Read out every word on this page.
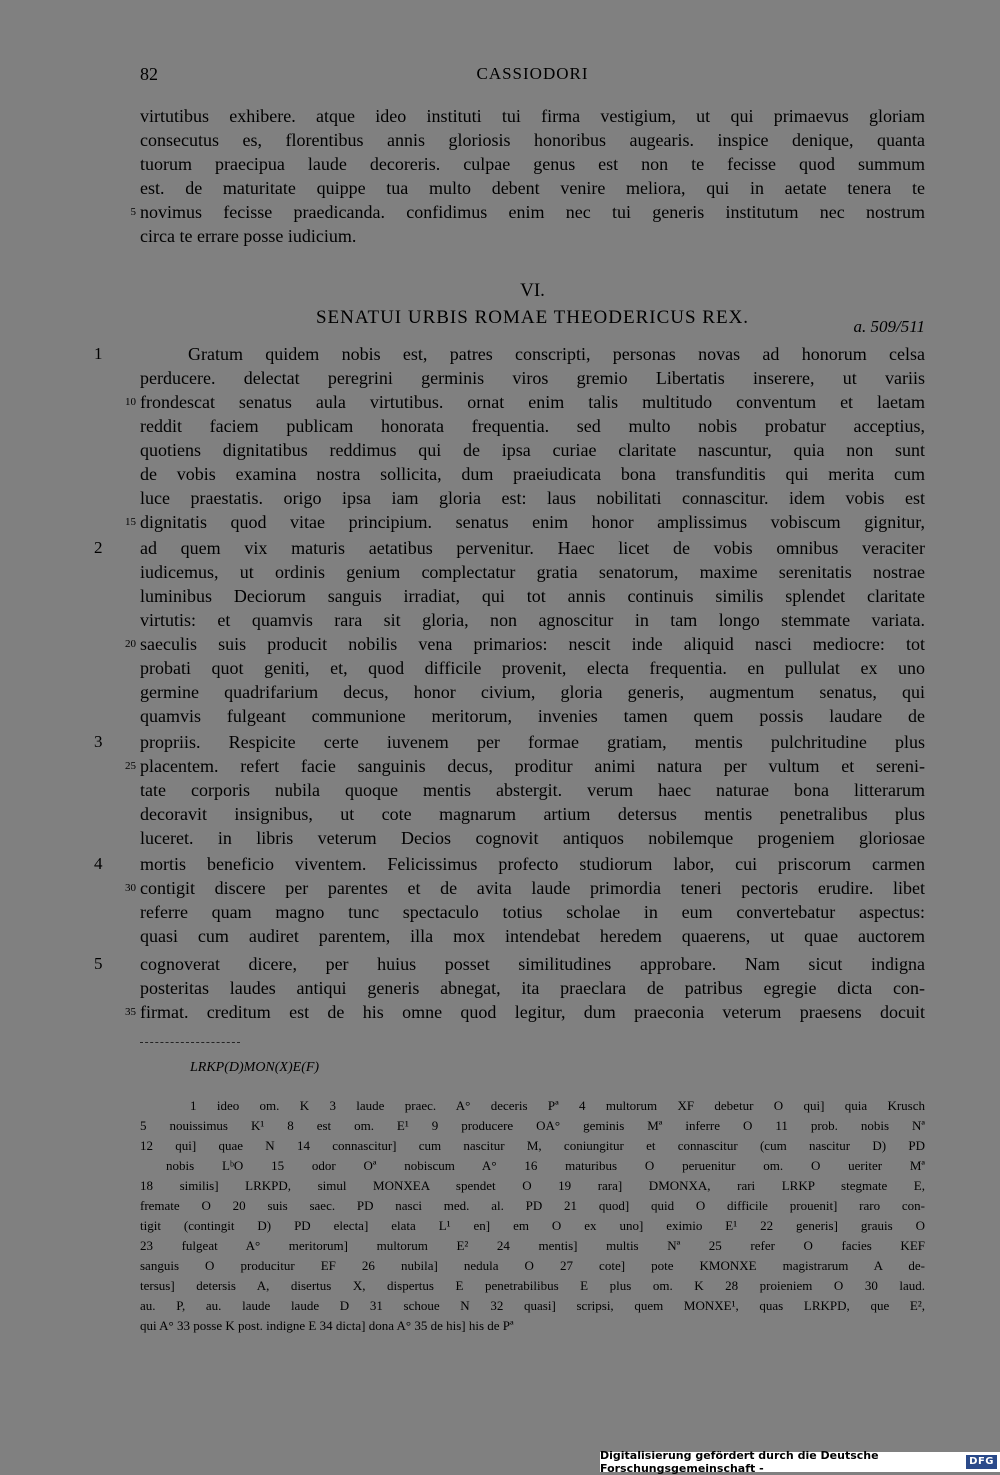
82	CASSIODORI
virtutibus exhibere. atque ideo instituti tui firma vestigium, ut qui primaevus gloriam
consecutus es, florentibus annis gloriosis honoribus augearis. inspice denique, quanta
tuorum praecipua laude decoreris. culpae genus est non te fecisse quod summum
est. de maturitate quippe tua multo debent venire meliora, qui in aetate tenera te
5 novimus fecisse praedicanda. confidimus enim nec tui generis institutum nec nostrum
circa te errare posse iudicium.
VI.
SENATUI URBIS ROMAE THEODERICUS REX.	a. 509/511
1	Gratum quidem nobis est, patres conscripti, personas novas ad honorum celsa
perducere. delectat peregrini germinis viros gremio Libertatis inserere, ut variis
10 frondescat senatus aula virtutibus. ornat enim talis multitudo conventum et laetam
reddit faciem publicam honorata frequentia. sed multo nobis probatur acceptius,
quotiens dignitatibus reddimus qui de ipsa curiae claritate nascuntur, quia non sunt
de vobis examina nostra sollicita, dum praeiudicata bona transfunditis qui merita cum
luce praestatis. origo ipsa iam gloria est: laus nobilitati connascitur. idem vobis est
15 dignitatis quod vitae principium. senatus enim honor amplissimus vobiscum gignitur,
2	ad quem vix maturis aetatibus pervenitur. Haec licet de vobis omnibus veraciter
iudicemus, ut ordinis genium complectatur gratia senatorum, maxime serenitatis nostrae
luminibus Deciorum sanguis irradiat, qui tot annis continuis similis splendet claritate
virtutis: et quamvis rara sit gloria, non agnoscitur in tam longo stemmate variata.
20 saeculis suis producit nobilis vena primarios: nescit inde aliquid nasci mediocre: tot
probati quot geniti, et, quod difficile provenit, electa frequentia. en pullulat ex uno
germine quadrifarium decus, honor civium, gloria generis, augmentum senatus, qui
quamvis fulgeant communione meritorum, invenies tamen quem possis laudare de
3	propriis. Respicite certe iuvenem per formae gratiam, mentis pulchritudine plus
25 placentem. refert facie sanguinis decus, proditur animi natura per vultum et sereni-
tate corporis nubila quoque mentis abstergit. verum haec naturae bona litterarum
decoravit insignibus, ut cote magnarum artium detersus mentis penetralibus plus
luceret. in libris veterum Decios cognovit antiquos nobilemque progeniem gloriosae
4	mortis beneficio viventem. Felicissimus profecto studiorum labor, cui priscorum carmen
30 contigit discere per parentes et de avita laude primordia teneri pectoris erudire. libet
referre quam magno tunc spectaculo totius scholae in eum convertebatur aspectus:
quasi cum audiret parentem, illa mox intendebat heredem quaerens, ut quae auctorem
5	cognoverat dicere, per huius posset similitudines approbare. Nam sicut indigna
posteritas laudes antiqui generis abnegat, ita praeclara de patribus egregie dicta con-
35 firmat. creditum est de his omne quod legitur, dum praeconia veterum praesens docuit
LRKP(D)MON(X)E(F)
1 ideo om. K 3 laude praec. A° deceris Pª 4 multorum XF debetur O qui] quia Krusch
5 nouissimus K¹ 8 est om. E¹ 9 producere OA° geminis Mª inferre O 11 prob. nobis Nª
12 qui] quae N 14 connascitur] cum nascitur M, coniungitur et connascitur (cum nascitur D) PD
nobis LᵇO 15 odor Oª nobiscum A° 16 maturibus O peruenitur om. O ueriter Mª
18 similis] LRKPD, simul MONXEA spendet O 19 rara] DMONXA, rari LRKP stegmate E,
fremate O 20 suis saec. PD nasci med. al. PD 21 quod] quid O difficile prouenit] raro con-
tigit (contingit D) PD electa] elata L¹ en] em O ex uno] eximio E¹ 22 generis] grauis O
23 fulgeat A° meritorum] multorum E² 24 mentis] multis Nª 25 refer O facies KEF
sanguis O producitur EF 26 nubila] nedula O 27 cote] pote KMONXE magistrarum A de-
tersus] detersis A, disertus X, dispertus E penetrabilibus E plus om. K 28 proieniem O 30 laud.
au. P, au. laude laude D 31 schoue N 32 quasi] scripsi, quem MONXE¹, quas LRKPD, que E²,
qui A° 33 posse K post. indigne E 34 dicta] dona A° 35 de his] his de Pª
Digitalisierung gefördert durch die Deutsche Forschungsgemeinschaft -
DFG
